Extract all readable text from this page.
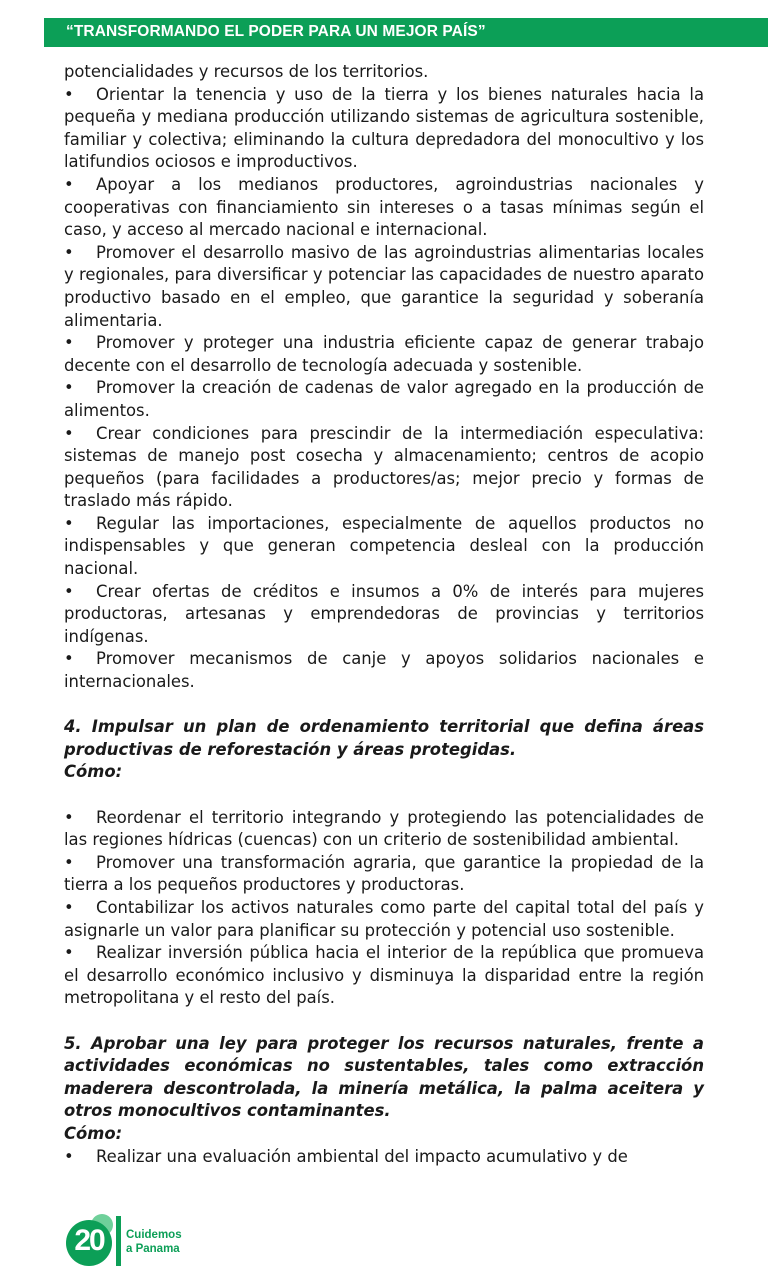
“TRANSFORMANDO EL PODER PARA UN MEJOR PAÍS”

potencialidades y recursos de los territorios.

• Orientar la tenencia y uso de la tierra y los bienes naturales hacia la pequeña y mediana producción utilizando sistemas de agricultura sostenible, familiar y colectiva; eliminando la cultura depredadora del monocultivo y los latifundios ociosos e improductivos.

• Apoyar a los medianos productores, agroindustrias nacionales y cooperativas con financiamiento sin intereses o a tasas mínimas según el caso, y acceso al mercado nacional e internacional.

• Promover el desarrollo masivo de las agroindustrias alimentarias locales y regionales, para diversificar y potenciar las capacidades de nuestro aparato productivo basado en el empleo, que garantice la seguridad y soberanía alimentaria.

• Promover y proteger una industria eficiente capaz de generar trabajo decente con el desarrollo de tecnología adecuada y sostenible.

• Promover la creación de cadenas de valor agregado en la producción de alimentos.

• Crear condiciones para prescindir de la intermediación especulativa: sistemas de manejo post cosecha y almacenamiento; centros de acopio pequeños (para facilidades a productores/as; mejor precio y formas de traslado más rápido.

• Regular las importaciones, especialmente de aquellos productos no indispensables y que generan competencia desleal con la producción nacional.

• Crear ofertas de créditos e insumos a 0% de interés para mujeres productoras, artesanas y emprendedoras de provincias y territorios indígenas.

• Promover mecanismos de canje y apoyos solidarios nacionales e internacionales.

4. Impulsar un plan de ordenamiento territorial que defina áreas productivas de reforestación y áreas protegidas.

Cómo:

• Reordenar el territorio integrando y protegiendo las potencialidades de las regiones hídricas (cuencas) con un criterio de sostenibilidad ambiental.

• Promover una transformación agraria, que garantice la propiedad de la tierra a los pequeños productores y productoras.

• Contabilizar los activos naturales como parte del capital total del país y asignarle un valor para planificar su protección y potencial uso sostenible.

• Realizar inversión pública hacia el interior de la república que promueva el desarrollo económico inclusivo y disminuya la disparidad entre la región metropolitana y el resto del país.

5. Aprobar una ley para proteger los recursos naturales, frente a actividades económicas no sustentables, tales como extracción maderera descontrolada, la minería metálica, la palma aceitera y otros monocultivos contaminantes.

Cómo:

• Realizar una evaluación ambiental del impacto acumulativo y de

20	Cuidemos
a Panama
